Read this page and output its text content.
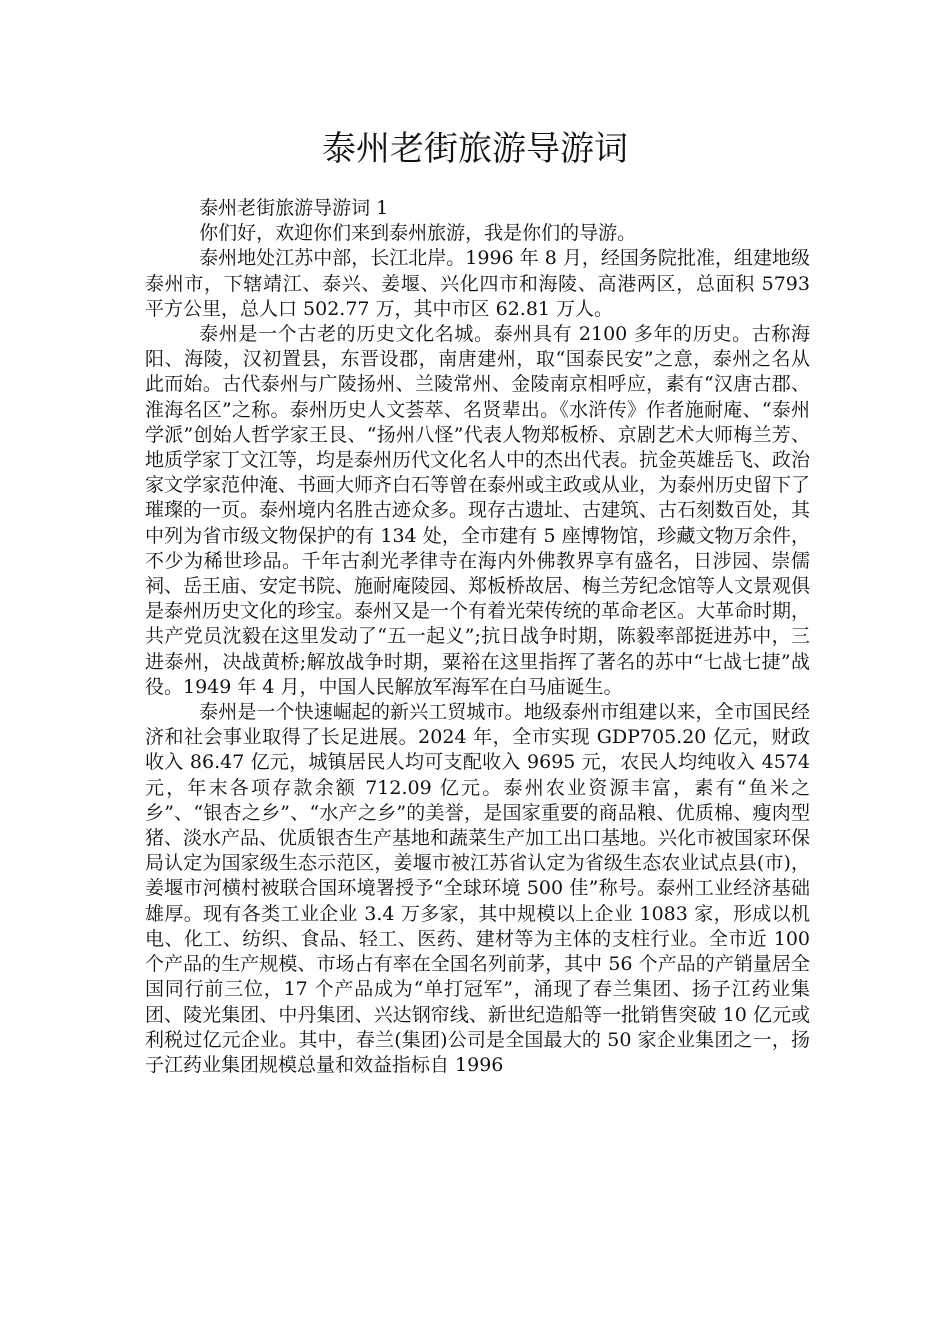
泰州老街旅游导游词

泰州老街旅游导游词 1

你们好，欢迎你们来到泰州旅游，我是你们的导游。

泰州地处江苏中部，长江北岸。1996 年 8 月，经国务院批准，组建地级泰州市，下辖靖江、泰兴、姜堰、兴化四市和海陵、高港两区，总面积 5793 平方公里，总人口 502.77 万，其中市区 62.81 万人。

泰州是一个古老的历史文化名城。泰州具有 2100 多年的历史。古称海阳、海陵，汉初置县，东晋设郡，南唐建州，取“国泰民安”之意，泰州之名从此而始。古代泰州与广陵扬州、兰陵常州、金陵南京相呼应，素有“汉唐古郡、淮海名区”之称。泰州历史人文荟萃、名贤辈出。《水浒传》作者施耐庵、“泰州学派”创始人哲学家王艮、“扬州八怪”代表人物郑板桥、京剧艺术大师梅兰芳、地质学家丁文江等，均是泰州历代文化名人中的杰出代表。抗金英雄岳飞、政治家文学家范仲淹、书画大师齐白石等曾在泰州或主政或从业，为泰州历史留下了璀璨的一页。泰州境内名胜古迹众多。现存古遗址、古建筑、古石刻数百处，其中列为省市级文物保护的有 134 处，全市建有 5 座博物馆，珍藏文物万余件，不少为稀世珍品。千年古刹光孝律寺在海内外佛教界享有盛名，日涉园、崇儒祠、岳王庙、安定书院、施耐庵陵园、郑板桥故居、梅兰芳纪念馆等人文景观俱是泰州历史文化的珍宝。泰州又是一个有着光荣传统的革命老区。大革命时期，共产党员沈毅在这里发动了“五一起义”;抗日战争时期，陈毅率部挺进苏中，三进泰州，决战黄桥;解放战争时期，粟裕在这里指挥了著名的苏中“七战七捷”战役。1949 年 4 月，中国人民解放军海军在白马庙诞生。

泰州是一个快速崛起的新兴工贸城市。地级泰州市组建以来，全市国民经济和社会事业取得了长足进展。2024 年，全市实现 GDP705.20 亿元，财政收入 86.47 亿元，城镇居民人均可支配收入 9695 元，农民人均纯收入 4574 元，年末各项存款余额 712.09 亿元。泰州农业资源丰富，素有“鱼米之乡”、“银杏之乡”、“水产之乡”的美誉，是国家重要的商品粮、优质棉、瘦肉型猪、淡水产品、优质银杏生产基地和蔬菜生产加工出口基地。兴化市被国家环保局认定为国家级生态示范区，姜堰市被江苏省认定为省级生态农业试点县(市)，姜堰市河横村被联合国环境署授予“全球环境 500 佳”称号。泰州工业经济基础雄厚。现有各类工业企业 3.4 万多家，其中规模以上企业 1083 家，形成以机电、化工、纺织、食品、轻工、医药、建材等为主体的支柱行业。全市近 100 个产品的生产规模、市场占有率在全国名列前茅，其中 56 个产品的产销量居全国同行前三位，17 个产品成为“单打冠军”，涌现了春兰集团、扬子江药业集团、陵光集团、中丹集团、兴达钢帘线、新世纪造船等一批销售突破 10 亿元或利税过亿元企业。其中，春兰(集团)公司是全国最大的 50 家企业集团之一，扬子江药业集团规模总量和效益指标自 1996
